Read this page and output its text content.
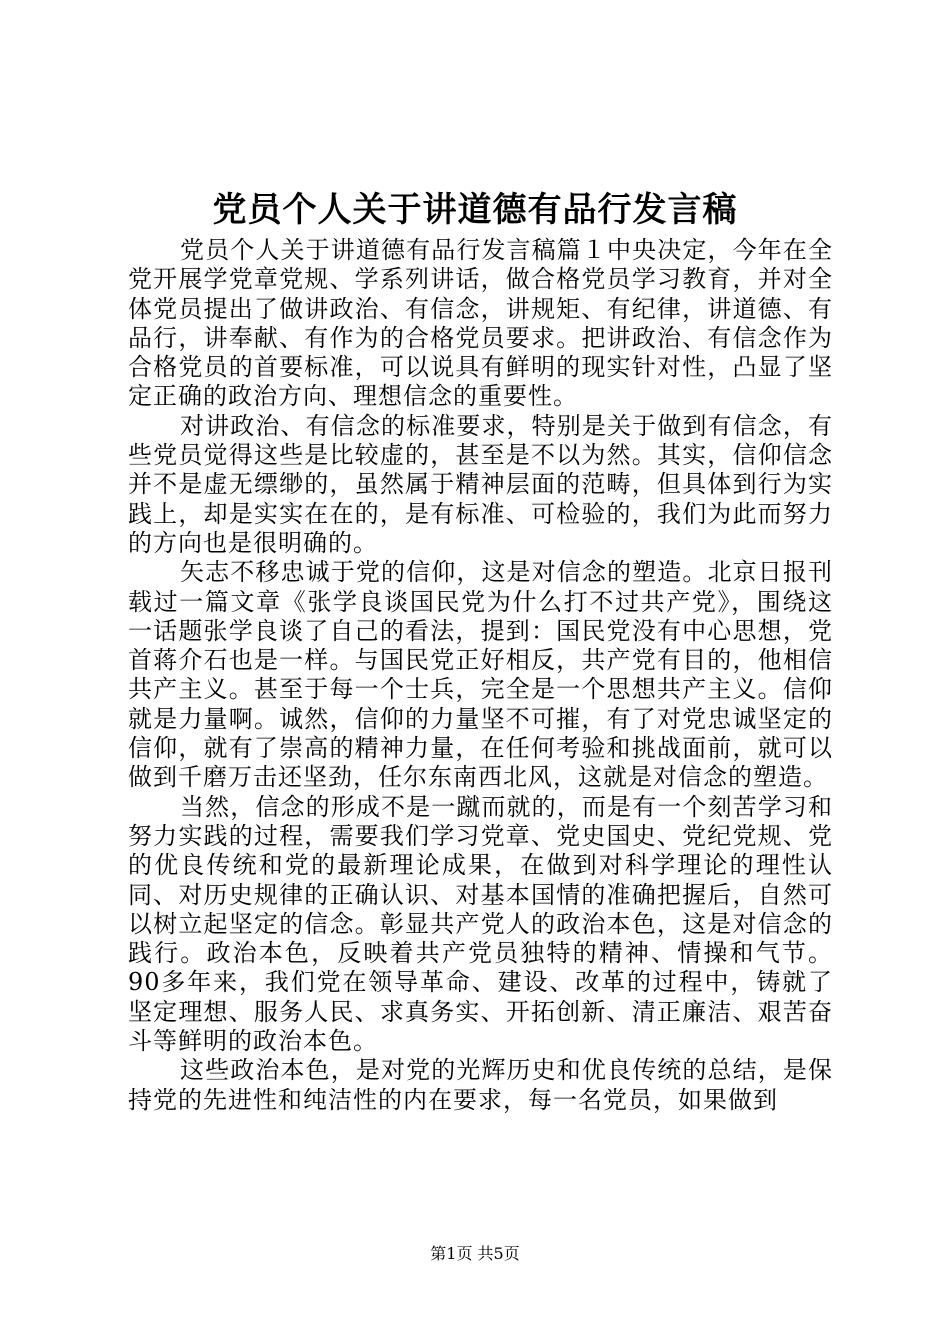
党员个人关于讲道德有品行发言稿

党员个人关于讲道德有品行发言稿篇１中央决定，今年在全党开展学党章党规、学系列讲话，做合格党员学习教育，并对全体党员提出了做讲政治、有信念，讲规矩、有纪律，讲道德、有品行，讲奉献、有作为的合格党员要求。把讲政治、有信念作为合格党员的首要标准，可以说具有鲜明的现实针对性，凸显了坚定正确的政治方向、理想信念的重要性。

对讲政治、有信念的标准要求，特别是关于做到有信念，有些党员觉得这些是比较虚的，甚至是不以为然。其实，信仰信念并不是虚无缥缈的，虽然属于精神层面的范畴，但具体到行为实践上，却是实实在在的，是有标准、可检验的，我们为此而努力的方向也是很明确的。

矢志不移忠诚于党的信仰，这是对信念的塑造。北京日报刊载过一篇文章《张学良谈国民党为什么打不过共产党》，围绕这一话题张学良谈了自己的看法，提到：国民党没有中心思想，党首蒋介石也是一样。与国民党正好相反，共产党有目的，他相信共产主义。甚至于每一个士兵，完全是一个思想共产主义。信仰就是力量啊。诚然，信仰的力量坚不可摧，有了对党忠诚坚定的信仰，就有了崇高的精神力量，在任何考验和挑战面前，就可以做到千磨万击还坚劲，任尔东南西北风，这就是对信念的塑造。

当然，信念的形成不是一蹴而就的，而是有一个刻苦学习和努力实践的过程，需要我们学习党章、党史国史、党纪党规、党的优良传统和党的最新理论成果，在做到对科学理论的理性认同、对历史规律的正确认识、对基本国情的准确把握后，自然可以树立起坚定的信念。彰显共产党人的政治本色，这是对信念的践行。政治本色，反映着共产党员独特的精神、情操和气节。90多年来，我们党在领导革命、建设、改革的过程中，铸就了坚定理想、服务人民、求真务实、开拓创新、清正廉洁、艰苦奋斗等鲜明的政治本色。

这些政治本色，是对党的光辉历史和优良传统的总结，是保持党的先进性和纯洁性的内在要求，每一名党员，如果做到

第1页 共5页
